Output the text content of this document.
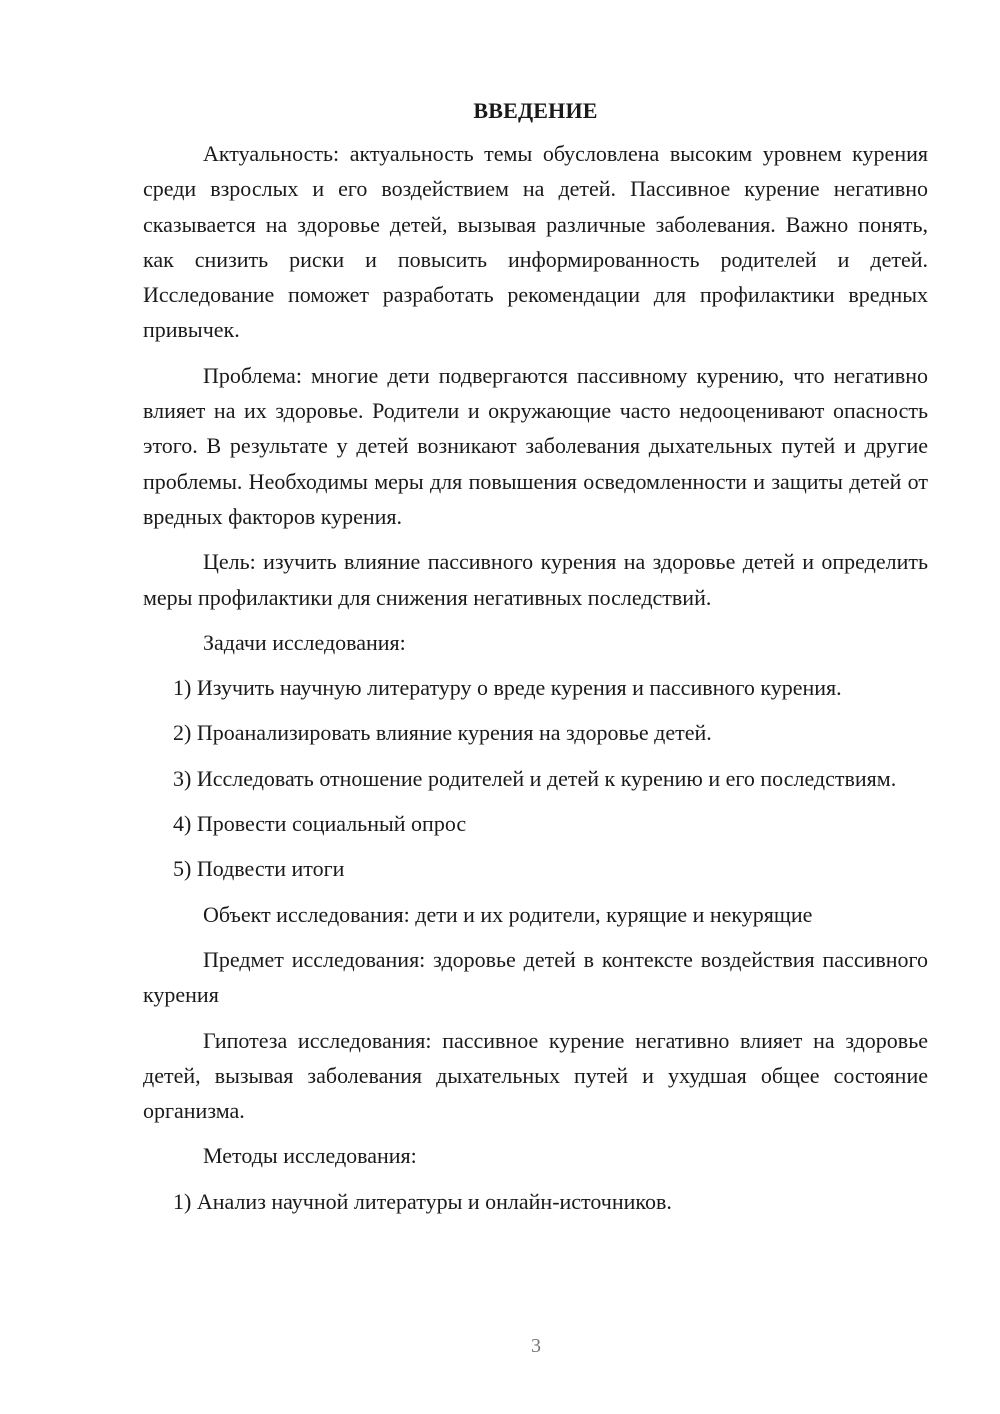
ВВЕДЕНИЕ

Актуальность: актуальность темы обусловлена высоким уровнем курения среди взрослых и его воздействием на детей. Пассивное курение негативно сказывается на здоровье детей, вызывая различные заболевания. Важно понять, как снизить риски и повысить информированность родителей и детей. Исследование поможет разработать рекомендации для профилактики вредных привычек.

Проблема: многие дети подвергаются пассивному курению, что негативно влияет на их здоровье. Родители и окружающие часто недооценивают опасность этого. В результате у детей возникают заболевания дыхательных путей и другие проблемы. Необходимы меры для повышения осведомленности и защиты детей от вредных факторов курения.

Цель: изучить влияние пассивного курения на здоровье детей и определить меры профилактики для снижения негативных последствий.

Задачи исследования:

1) Изучить научную литературу о вреде курения и пассивного курения.

2) Проанализировать влияние курения на здоровье детей.

3) Исследовать отношение родителей и детей к курению и его последствиям.

4) Провести социальный опрос

5) Подвести итоги

Объект исследования: дети и их родители, курящие и некурящие

Предмет исследования: здоровье детей в контексте воздействия пассивного курения

Гипотеза исследования: пассивное курение негативно влияет на здоровье детей, вызывая заболевания дыхательных путей и ухудшая общее состояние организма.

Методы исследования:

1) Анализ научной литературы и онлайн-источников.

3
